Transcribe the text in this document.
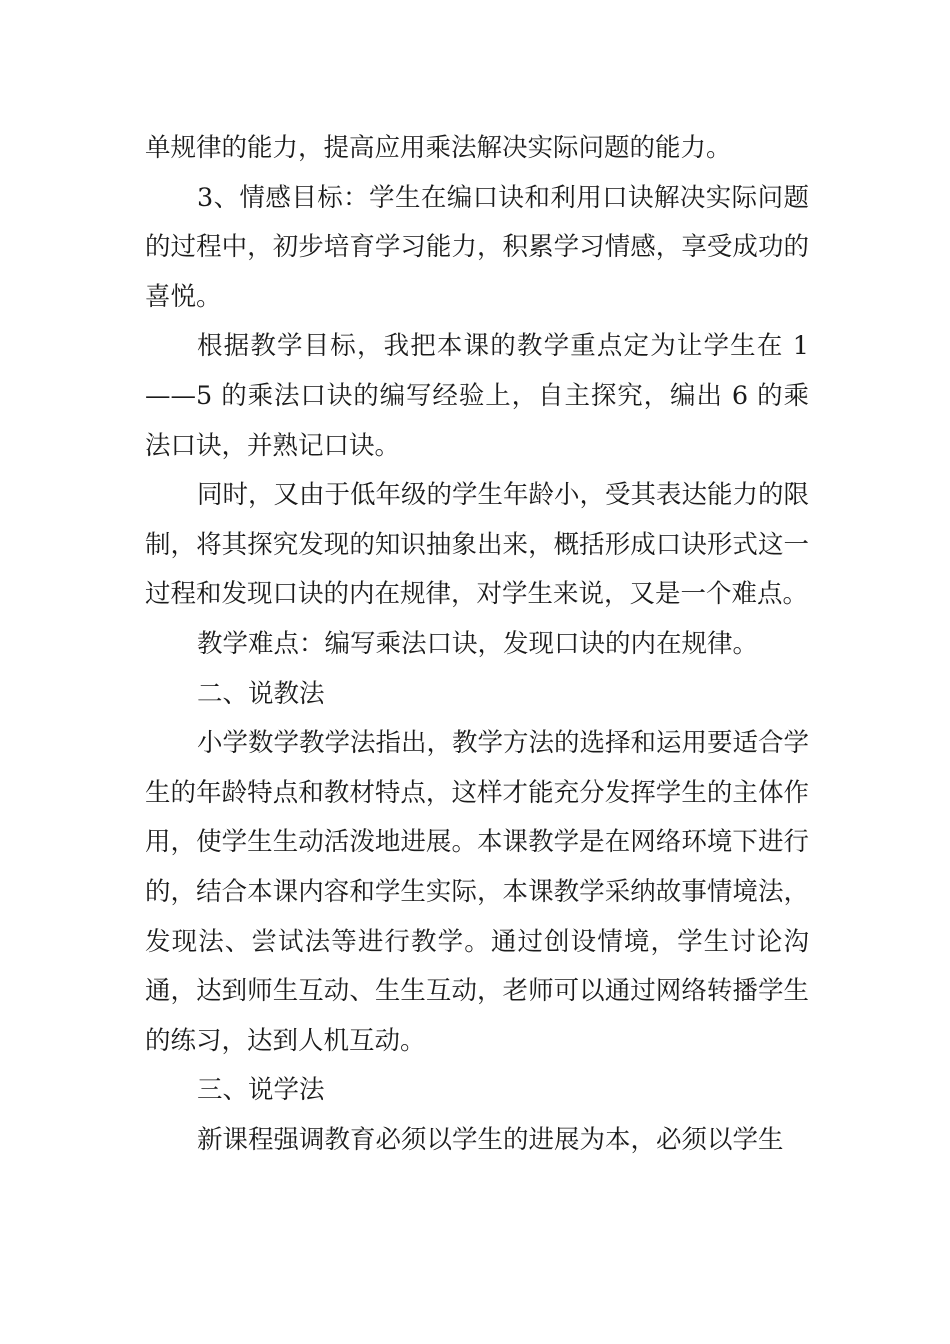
单规律的能力，提高应用乘法解决实际问题的能力。

3、情感目标：学生在编口诀和利用口诀解决实际问题的过程中，初步培育学习能力，积累学习情感，享受成功的喜悦。

根据教学目标，我把本课的教学重点定为让学生在 1——5 的乘法口诀的编写经验上，自主探究，编出 6 的乘法口诀，并熟记口诀。

同时，又由于低年级的学生年龄小，受其表达能力的限制，将其探究发现的知识抽象出来，概括形成口诀形式这一过程和发现口诀的内在规律，对学生来说，又是一个难点。

教学难点：编写乘法口诀，发现口诀的内在规律。

二、说教法

小学数学教学法指出，教学方法的选择和运用要适合学生的年龄特点和教材特点，这样才能充分发挥学生的主体作用，使学生生动活泼地进展。本课教学是在网络环境下进行的，结合本课内容和学生实际，本课教学采纳故事情境法，发现法、尝试法等进行教学。通过创设情境，学生讨论沟通，达到师生互动、生生互动，老师可以通过网络转播学生的练习，达到人机互动。

三、说学法

新课程强调教育必须以学生的进展为本，必须以学生
